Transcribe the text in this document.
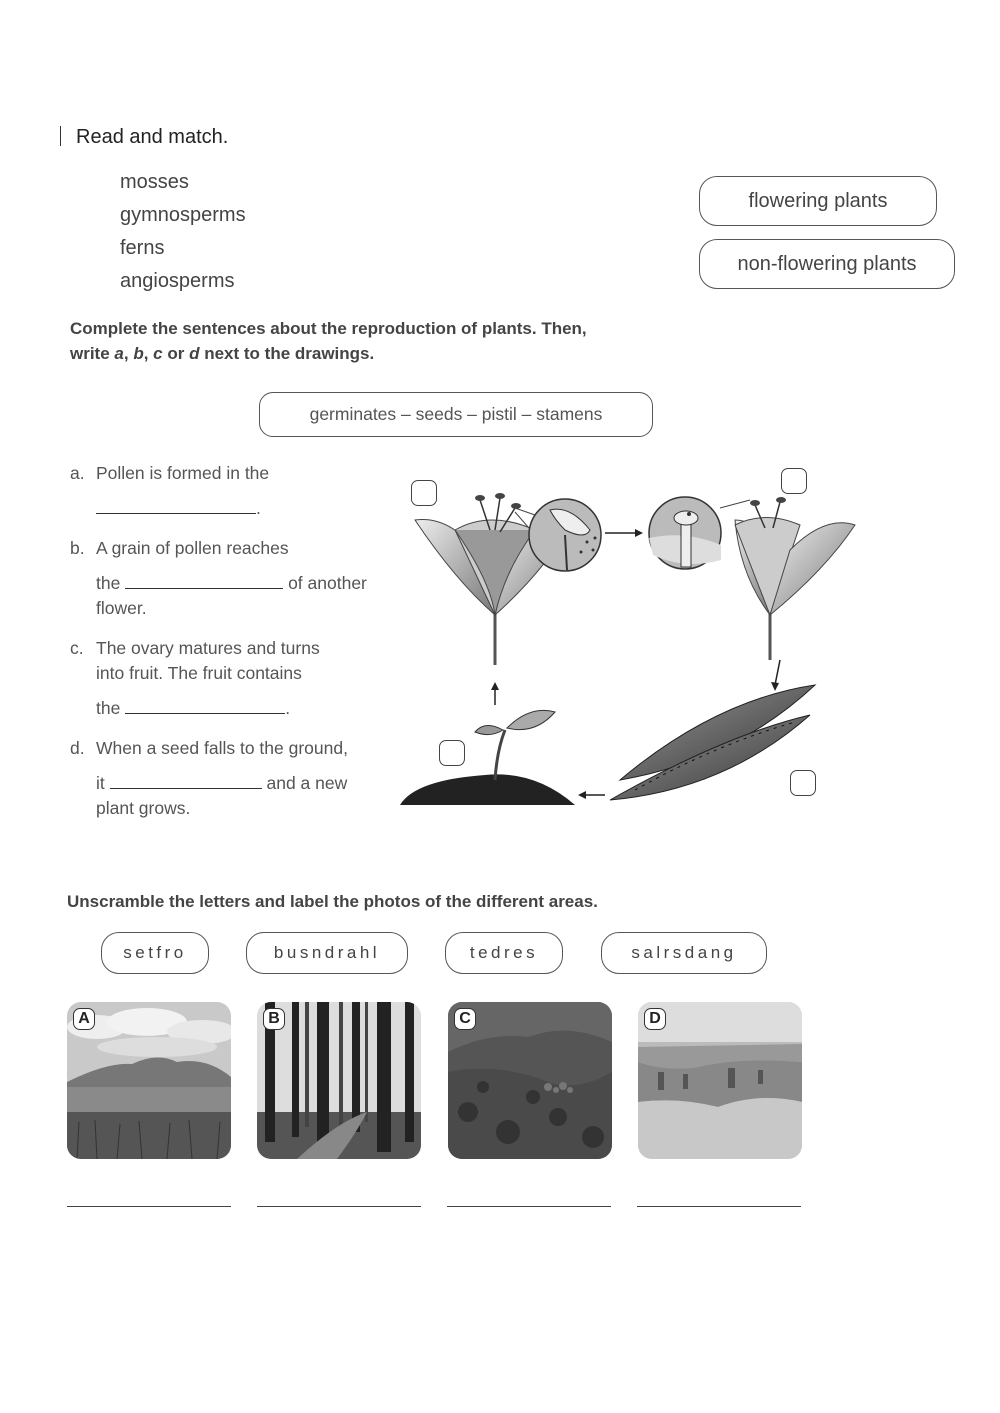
Read and match.
mosses
gymnosperms
ferns
angiosperms
flowering plants
non-flowering plants
Complete the sentences about the reproduction of plants. Then,
write a, b, c or d next to the drawings.
germinates – seeds – pistil – stamens
a. Pollen is formed in the
.
b. A grain of pollen reaches
the	of another
flower.
c. The ovary matures and turns
into fruit. The fruit contains
the	.
d. When a seed falls to the ground,
it	and a new
plant grows.
Unscramble the letters and label the photos of the different areas.
setfro	busndrahl	tedres	salrsdang
A	B	C	D
